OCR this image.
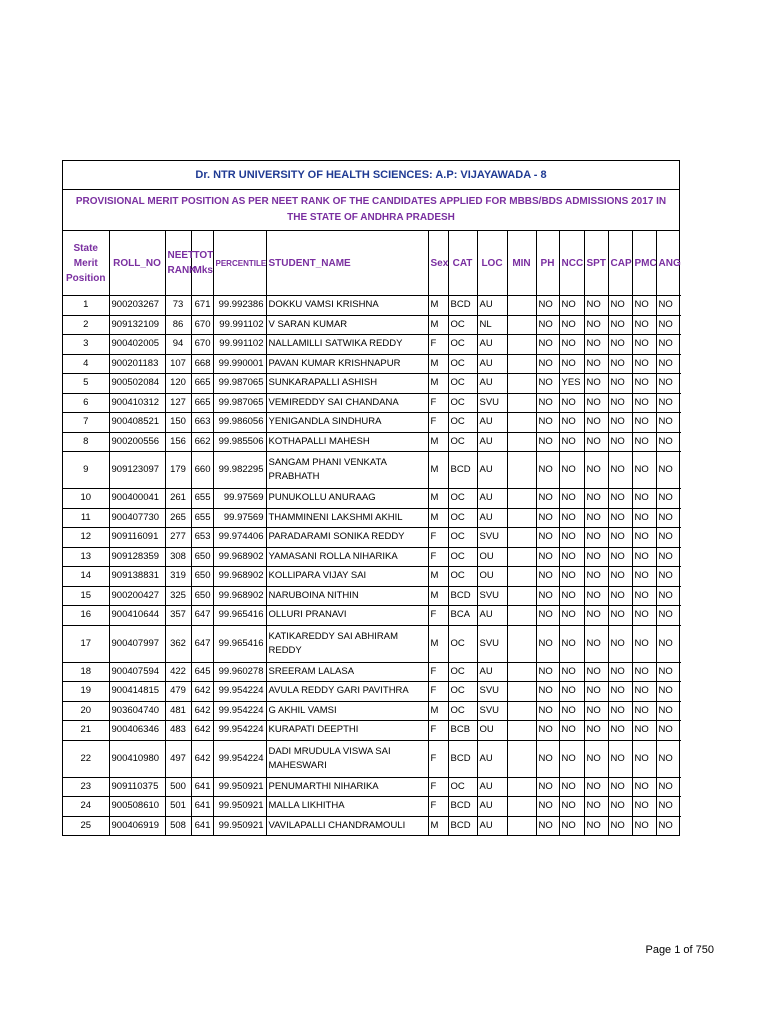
Dr. NTR UNIVERSITY OF HEALTH SCIENCES: A.P: VIJAYAWADA - 8
PROVISIONAL MERIT POSITION AS PER NEET RANK OF THE CANDIDATES APPLIED FOR MBBS/BDS ADMISSIONS 2017 IN THE STATE OF ANDHRA PRADESH
State Merit Position	ROLL_NO	NEET RANK	TOT Mks	PERCENTILE	STUDENT_NAME	Sex	CAT	LOC	MIN	PH	NCC	SPT	CAP	PMC	ANG
1	900203267	73	671	99.992386	DOKKU VAMSI KRISHNA	M	BCD	AU		NO	NO	NO	NO	NO	NO
2	909132109	86	670	99.991102	V SARAN KUMAR	M	OC	NL		NO	NO	NO	NO	NO	NO
3	900402005	94	670	99.991102	NALLAMILLI SATWIKA REDDY	F	OC	AU		NO	NO	NO	NO	NO	NO
4	900201183	107	668	99.990001	PAVAN KUMAR KRISHNAPUR	M	OC	AU		NO	NO	NO	NO	NO	NO
5	900502084	120	665	99.987065	SUNKARAPALLI ASHISH	M	OC	AU		NO	YES	NO	NO	NO	NO
6	900410312	127	665	99.987065	VEMIREDDY SAI CHANDANA	F	OC	SVU		NO	NO	NO	NO	NO	NO
7	900408521	150	663	99.986056	YENIGANDLA SINDHURA	F	OC	AU		NO	NO	NO	NO	NO	NO
8	900200556	156	662	99.985506	KOTHAPALLI MAHESH	M	OC	AU		NO	NO	NO	NO	NO	NO
9	909123097	179	660	99.982295	SANGAM PHANI VENKATA PRABHATH	M	BCD	AU		NO	NO	NO	NO	NO	NO
10	900400041	261	655	99.97569	PUNUKOLLU ANURAAG	M	OC	AU		NO	NO	NO	NO	NO	NO
11	900407730	265	655	99.97569	THAMMINENI LAKSHMI AKHIL	M	OC	AU		NO	NO	NO	NO	NO	NO
12	909116091	277	653	99.974406	PARADARAMI SONIKA REDDY	F	OC	SVU		NO	NO	NO	NO	NO	NO
13	909128359	308	650	99.968902	YAMASANI ROLLA NIHARIKA	F	OC	OU		NO	NO	NO	NO	NO	NO
14	909138831	319	650	99.968902	KOLLIPARA VIJAY SAI	M	OC	OU		NO	NO	NO	NO	NO	NO
15	900200427	325	650	99.968902	NARUBOINA NITHIN	M	BCD	SVU		NO	NO	NO	NO	NO	NO
16	900410644	357	647	99.965416	OLLURI PRANAVI	F	BCA	AU		NO	NO	NO	NO	NO	NO
17	900407997	362	647	99.965416	KATIKAREDDY SAI ABHIRAM REDDY	M	OC	SVU		NO	NO	NO	NO	NO	NO
18	900407594	422	645	99.960278	SREERAM LALASA	F	OC	AU		NO	NO	NO	NO	NO	NO
19	900414815	479	642	99.954224	AVULA REDDY GARI PAVITHRA	F	OC	SVU		NO	NO	NO	NO	NO	NO
20	903604740	481	642	99.954224	G AKHIL VAMSI	M	OC	SVU		NO	NO	NO	NO	NO	NO
21	900406346	483	642	99.954224	KURAPATI DEEPTHI	F	BCB	OU		NO	NO	NO	NO	NO	NO
22	900410980	497	642	99.954224	DADI MRUDULA VISWA SAI MAHESWARI	F	BCD	AU		NO	NO	NO	NO	NO	NO
23	909110375	500	641	99.950921	PENUMARTHI NIHARIKA	F	OC	AU		NO	NO	NO	NO	NO	NO
24	900508610	501	641	99.950921	MALLA LIKHITHA	F	BCD	AU		NO	NO	NO	NO	NO	NO
25	900406919	508	641	99.950921	VAVILAPALLI CHANDRAMOULI	M	BCD	AU		NO	NO	NO	NO	NO	NO
Page 1 of 750
